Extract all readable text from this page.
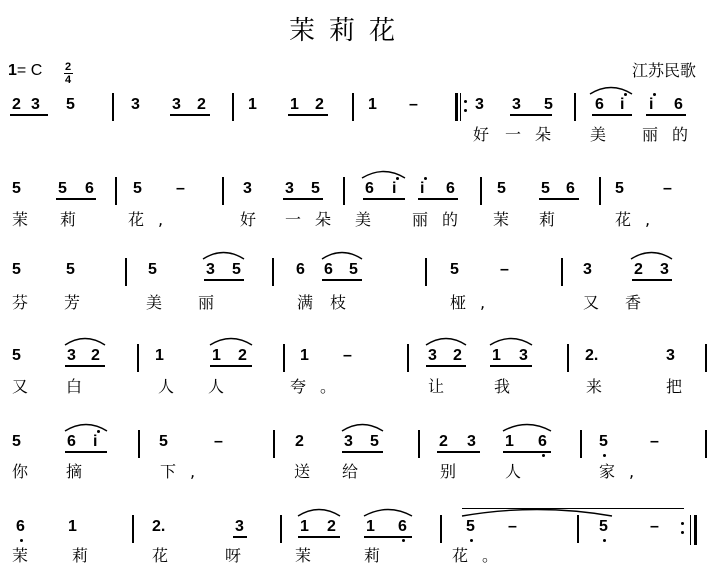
茉莉花
1= C 2
4	江苏民歌
2 3 5	3 3 2	1 1 2	1 –	3 3 5	6 i i 6
好 一朵 美 丽的
5 5 6 5 –	3 3 5	6 i i 6	5 5 6	5 –
茉 莉	花,	好 一朵 美	丽的 茉 莉	花,
5	5	5	3 5	6 6 5	5	–	3	2 3
芬 芳	美 丽	满 枝	桠,	又 香
5	3 2	1	1 2	1 –	3 2 1 3	2.	3
又 白	人 人	夸。	让	我	来	把
5	6 i	5	–	2	3 5	2 3 1 6	5	–
你 摘	下,	送 给	别	人	家,
6	1	2.	3	1 2 1 6	5 –	5	–
茉	莉	花	呀	茉	莉	花。
